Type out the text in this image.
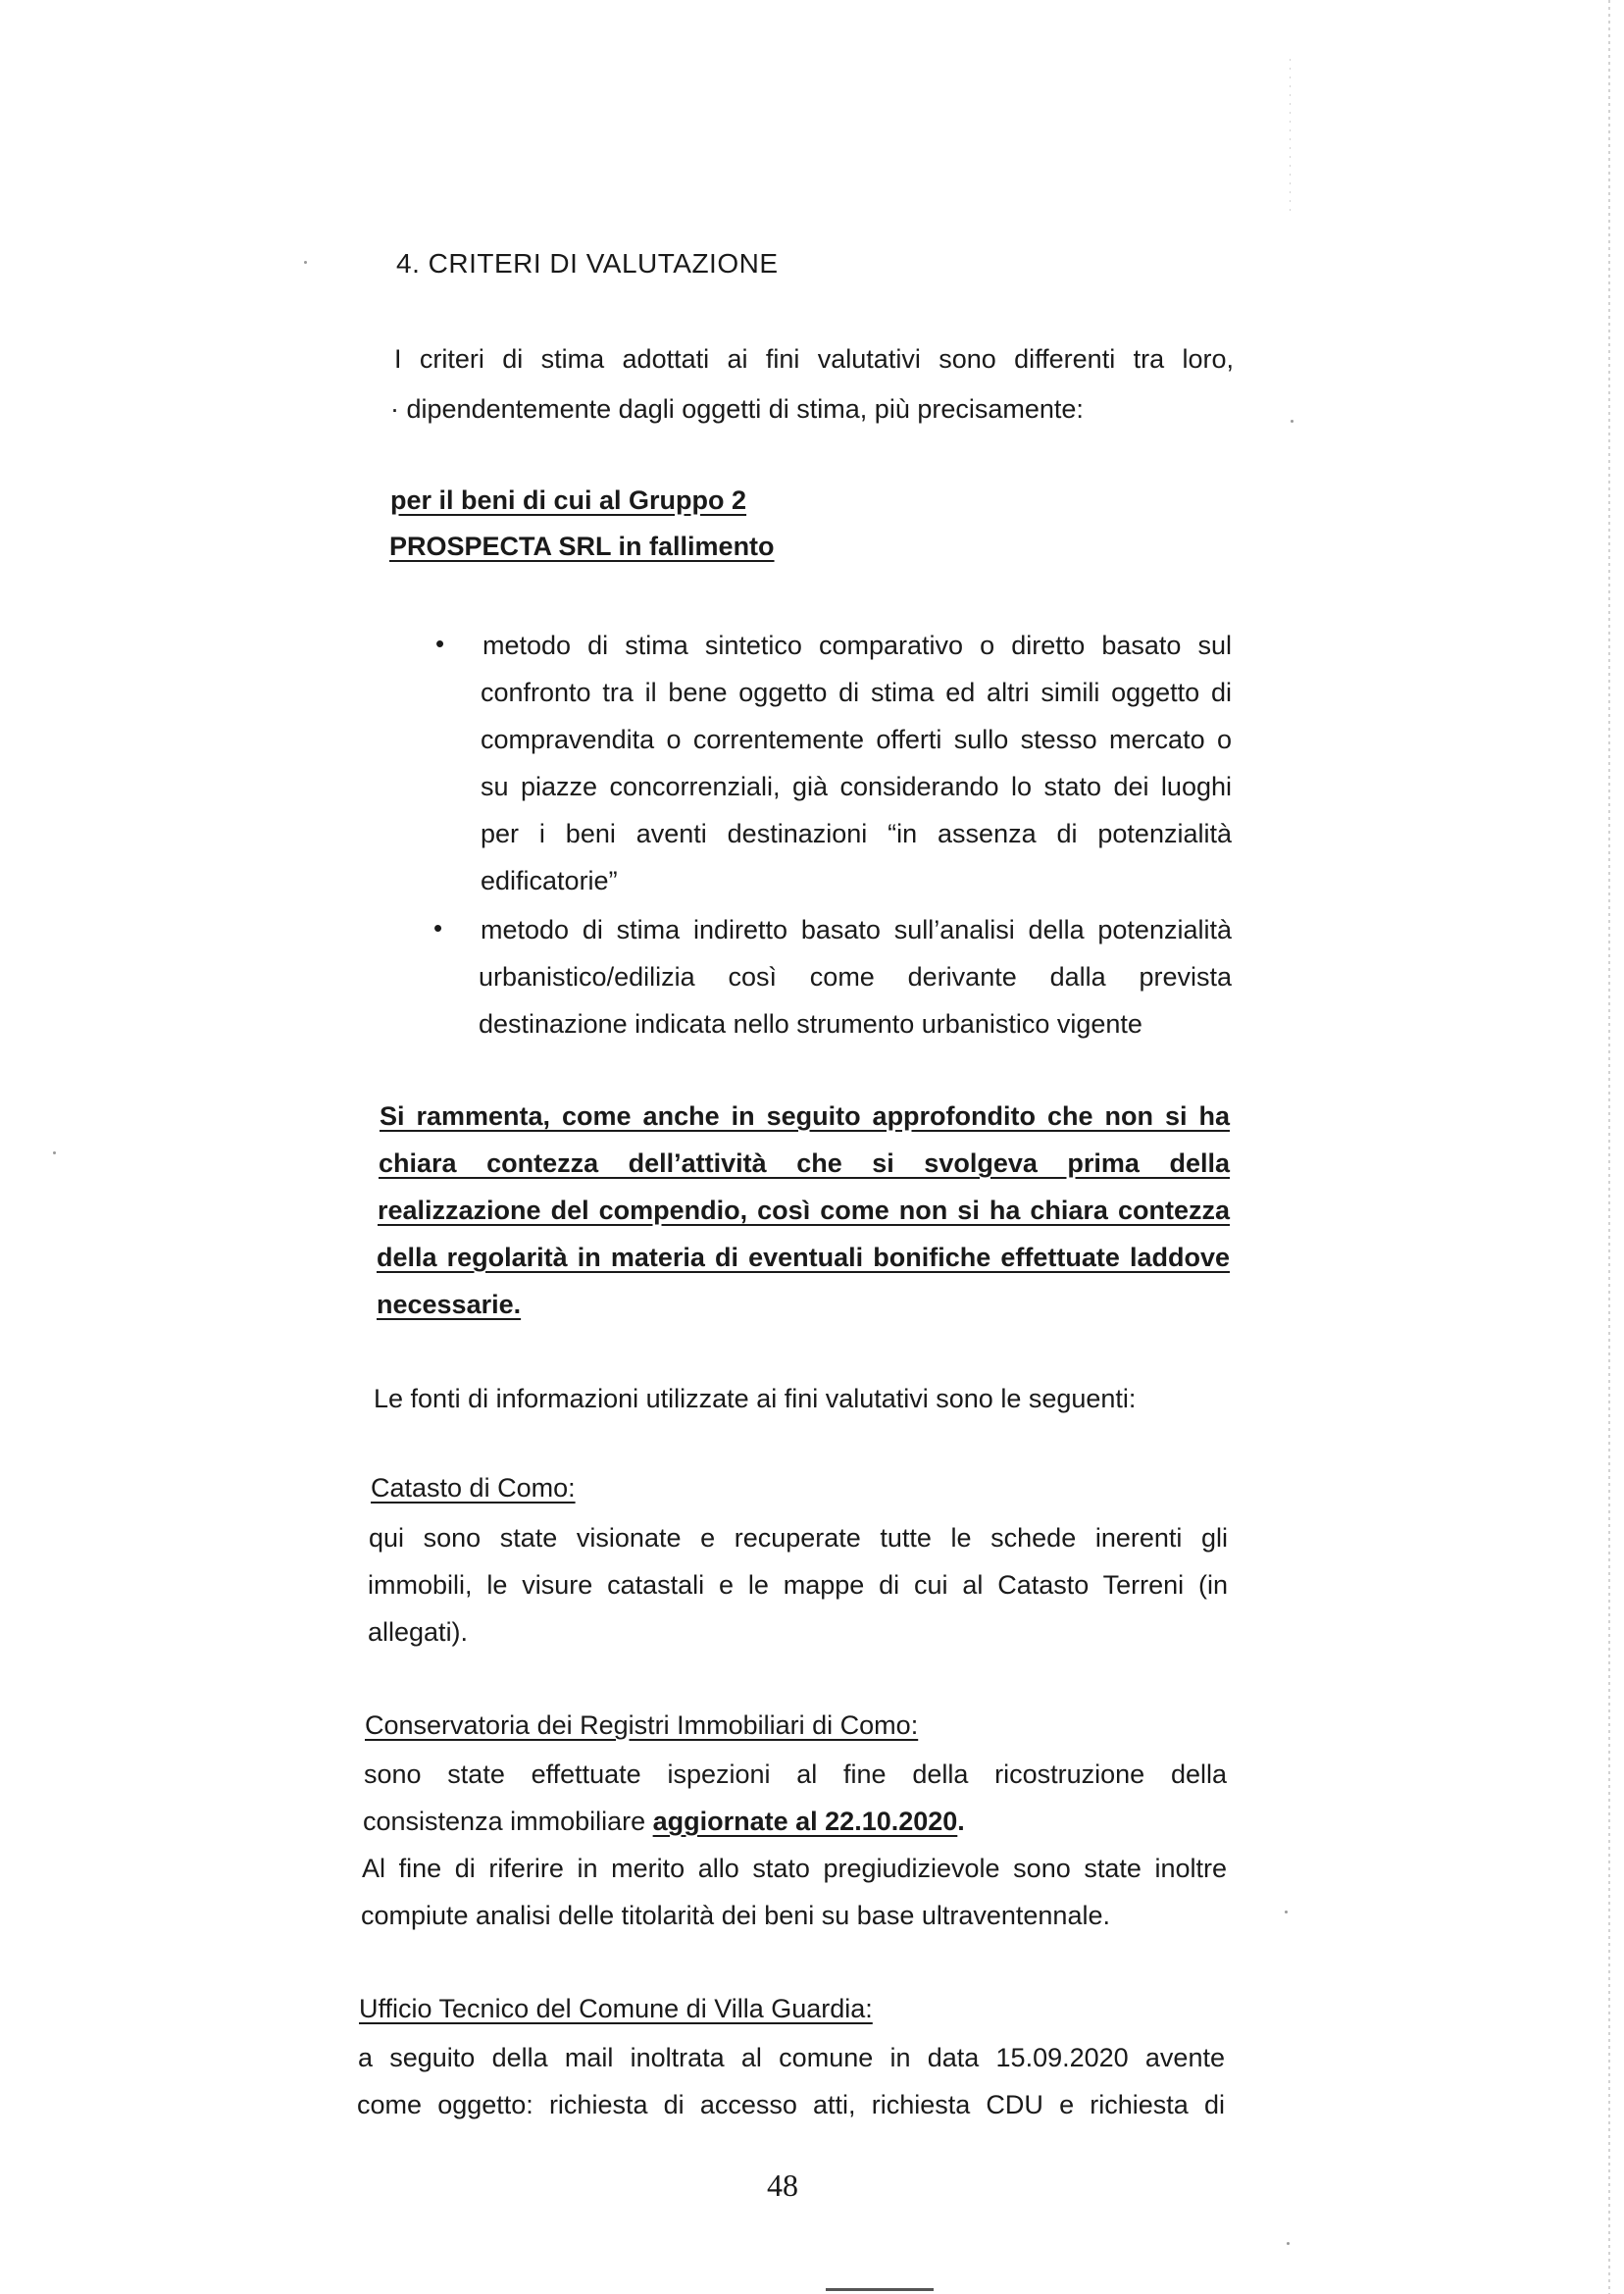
4. CRITERI DI VALUTAZIONE
I criteri di stima adottati ai fini valutativi sono differenti tra loro,
· dipendentemente dagli oggetti di stima, più precisamente:
per il beni di cui al Gruppo 2
PROSPECTA SRL in fallimento
• metodo di stima sintetico comparativo o diretto basato sul
confronto tra il bene oggetto di stima ed altri simili oggetto di
compravendita o correntemente offerti sullo stesso mercato o
su piazze concorrenziali, già considerando lo stato dei luoghi
per i beni aventi destinazioni “in assenza di potenzialità
edificatorie”
• metodo di stima indiretto basato sull’analisi della potenzialità
urbanistico/edilizia così come derivante dalla prevista
destinazione indicata nello strumento urbanistico vigente
Si rammenta, come anche in seguito approfondito che non si ha
chiara contezza dell’attività che si svolgeva prima della
realizzazione del compendio, così come non si ha chiara contezza
della regolarità in materia di eventuali bonifiche effettuate laddove
necessarie.
Le fonti di informazioni utilizzate ai fini valutativi sono le seguenti:
Catasto di Como:
qui sono state visionate e recuperate tutte le schede inerenti gli
immobili, le visure catastali e le mappe di cui al Catasto Terreni (in
allegati).
Conservatoria dei Registri Immobiliari di Como:
sono state effettuate ispezioni al fine della ricostruzione della
consistenza immobiliare aggiornate al 22.10.2020.
Al fine di riferire in merito allo stato pregiudizievole sono state inoltre
compiute analisi delle titolarità dei beni su base ultraventennale.
Ufficio Tecnico del Comune di Villa Guardia:
a seguito della mail inoltrata al comune in data 15.09.2020 avente
come oggetto: richiesta di accesso atti, richiesta CDU e richiesta di
48
